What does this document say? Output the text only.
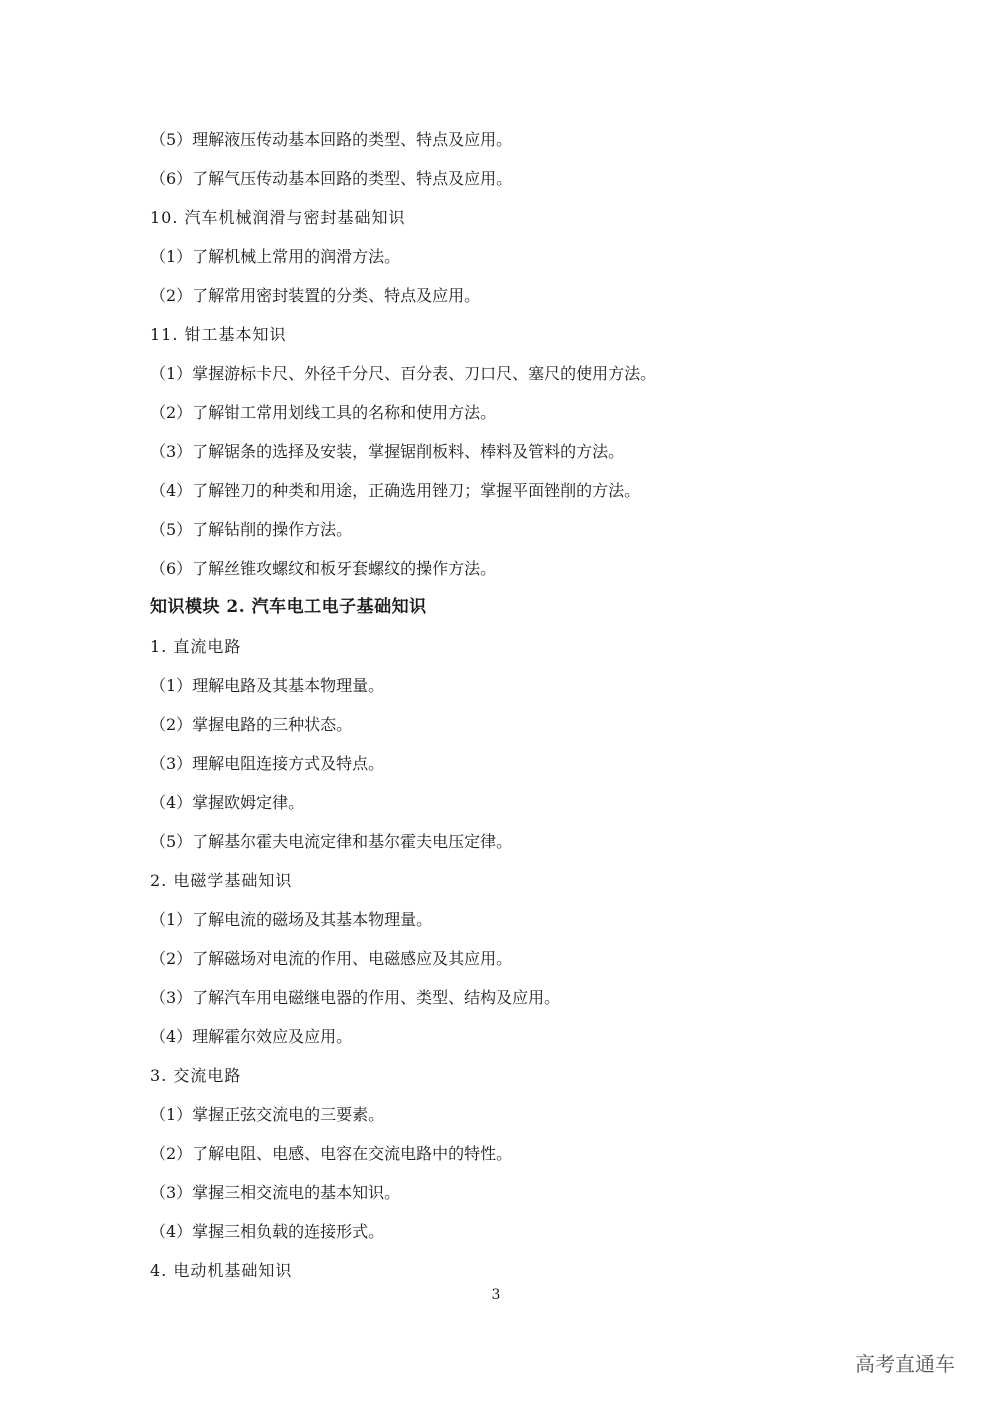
（5）理解液压传动基本回路的类型、特点及应用。
（6）了解气压传动基本回路的类型、特点及应用。
10. 汽车机械润滑与密封基础知识
（1）了解机械上常用的润滑方法。
（2）了解常用密封装置的分类、特点及应用。
11. 钳工基本知识
（1）掌握游标卡尺、外径千分尺、百分表、刀口尺、塞尺的使用方法。
（2）了解钳工常用划线工具的名称和使用方法。
（3）了解锯条的选择及安装，掌握锯削板料、棒料及管料的方法。
（4）了解锉刀的种类和用途，正确选用锉刀；掌握平面锉削的方法。
（5）了解钻削的操作方法。
（6）了解丝锥攻螺纹和板牙套螺纹的操作方法。
知识模块 2. 汽车电工电子基础知识
1. 直流电路
（1）理解电路及其基本物理量。
（2）掌握电路的三种状态。
（3）理解电阻连接方式及特点。
（4）掌握欧姆定律。
（5）了解基尔霍夫电流定律和基尔霍夫电压定律。
2. 电磁学基础知识
（1）了解电流的磁场及其基本物理量。
（2）了解磁场对电流的作用、电磁感应及其应用。
（3）了解汽车用电磁继电器的作用、类型、结构及应用。
（4）理解霍尔效应及应用。
3. 交流电路
（1）掌握正弦交流电的三要素。
（2）了解电阻、电感、电容在交流电路中的特性。
（3）掌握三相交流电的基本知识。
（4）掌握三相负载的连接形式。
4. 电动机基础知识
3
高考直通车
